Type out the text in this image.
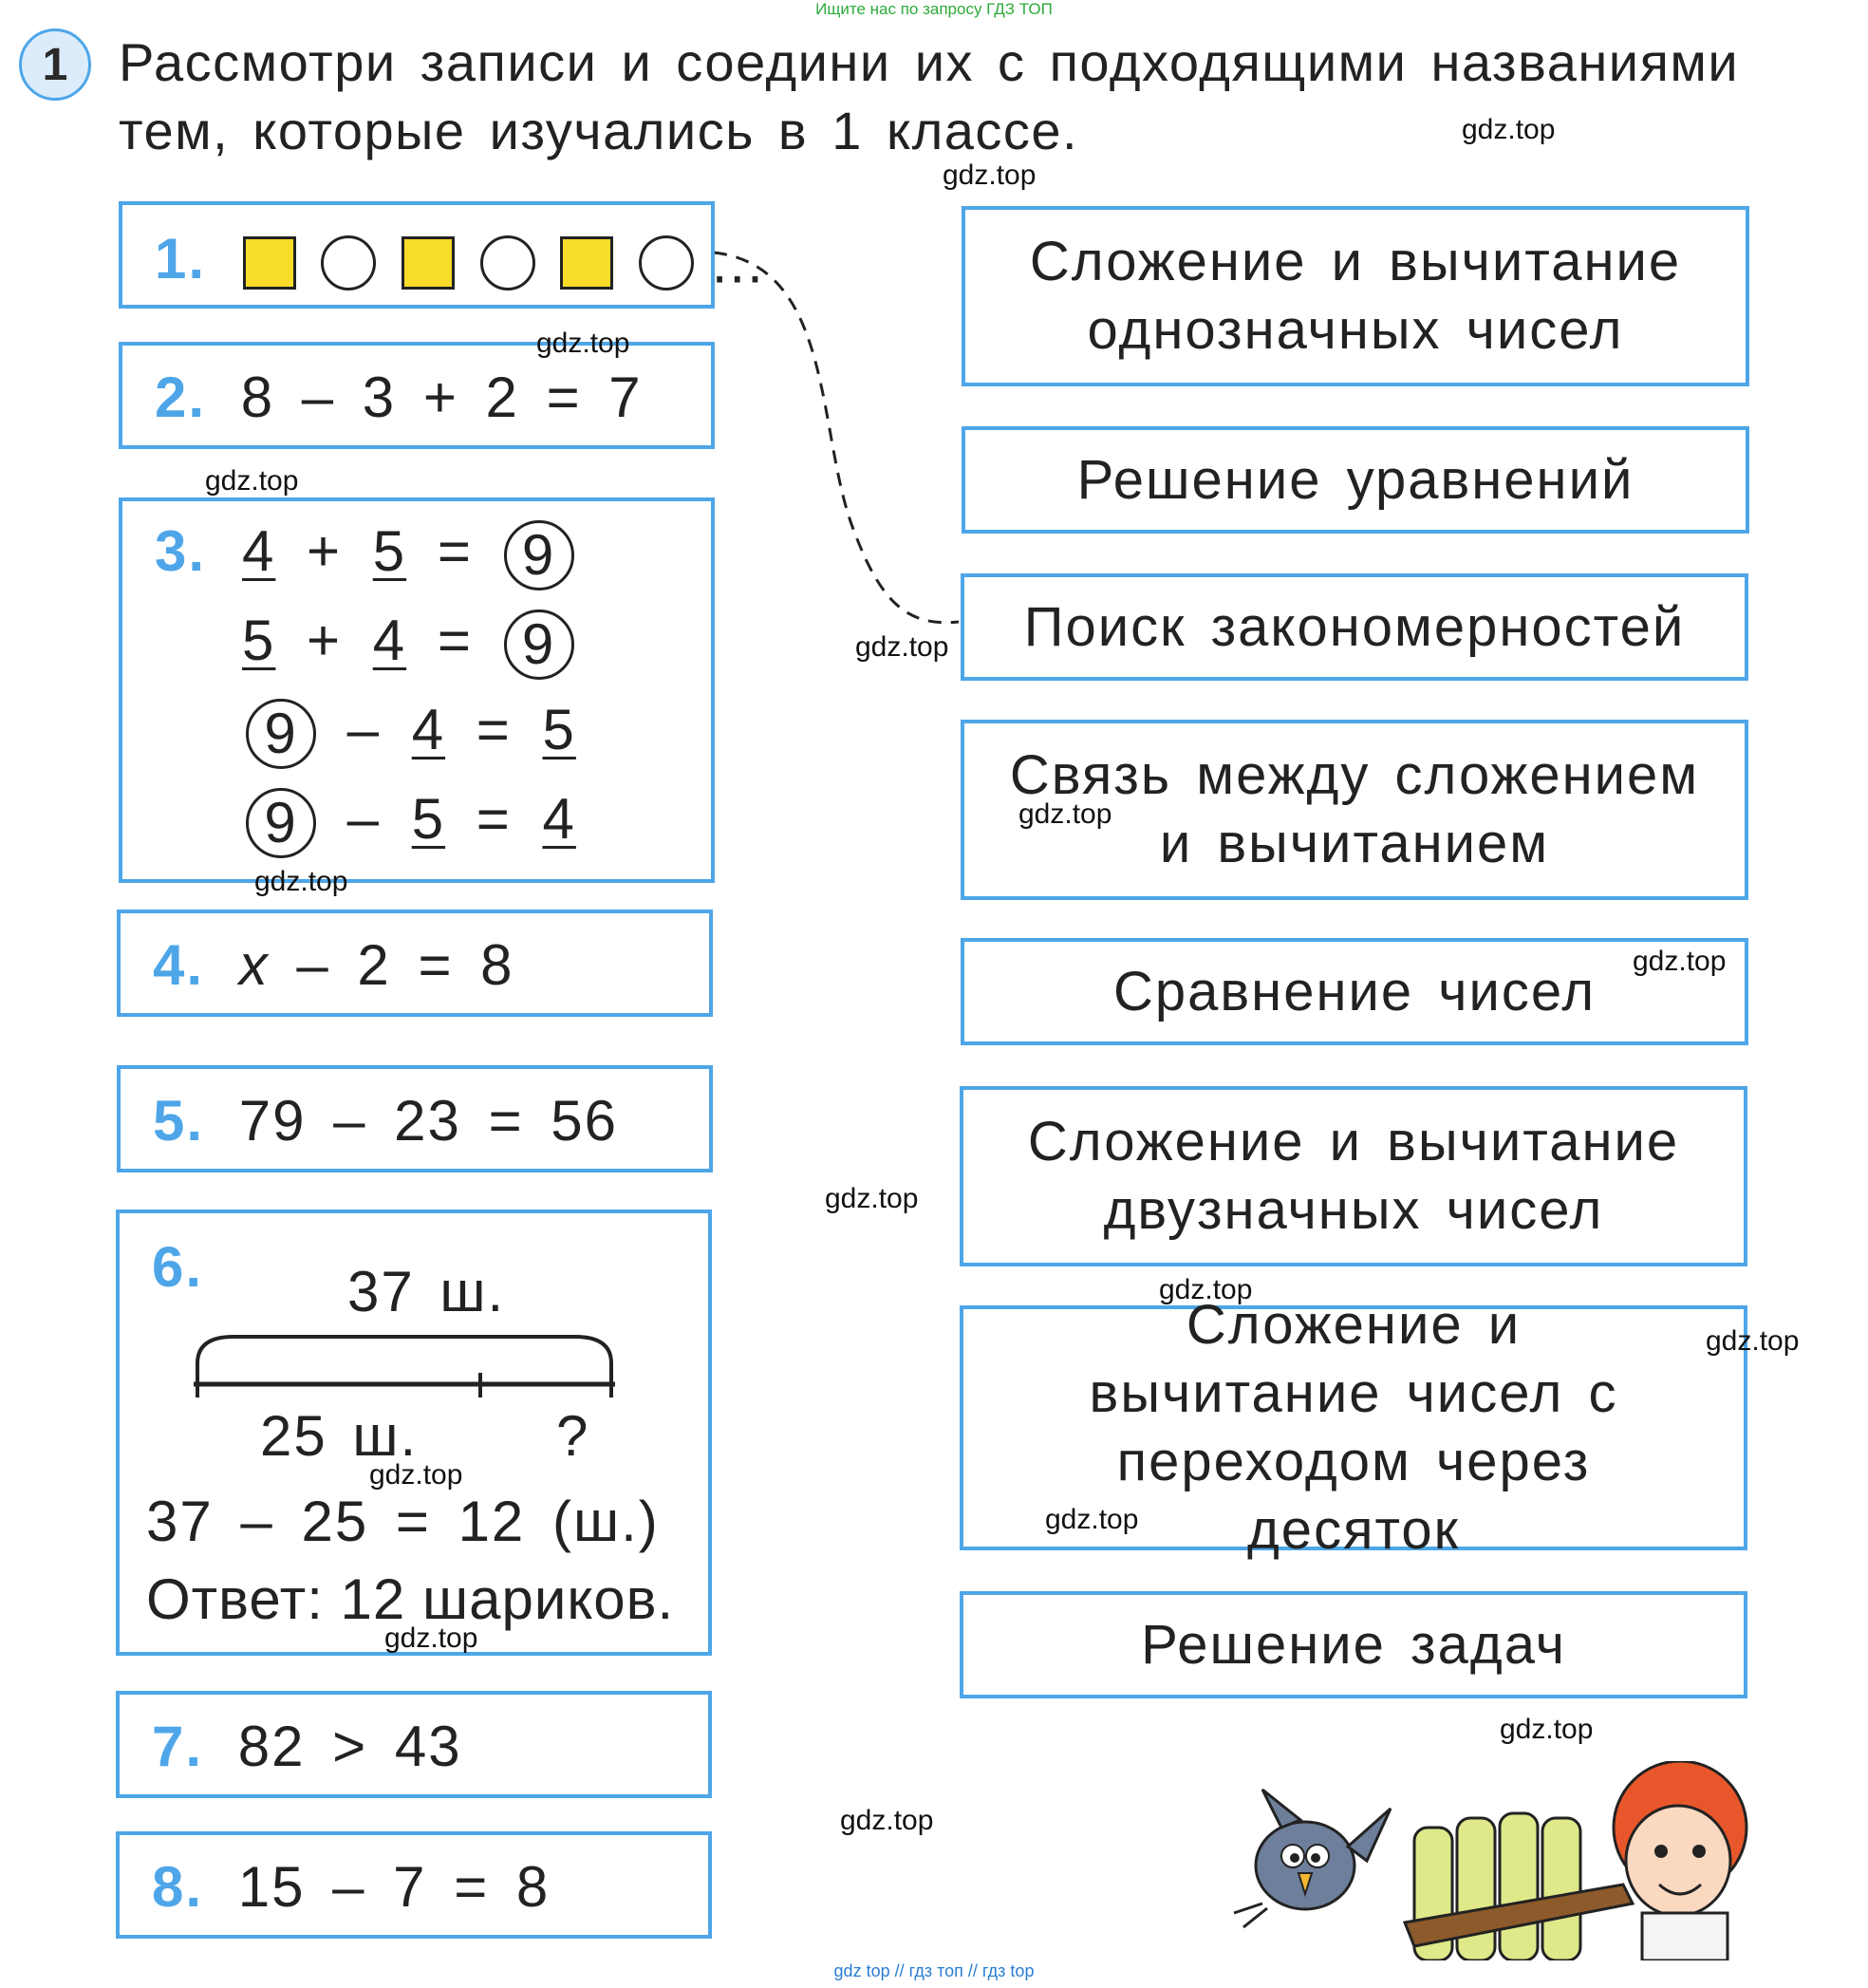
Ищите нас по запросу ГДЗ ТОП
1 Рассмотри записи и соедини их с подходящими названиями
тем, которые изучались в 1 классе.
1.	...
2. 8 – 3 + 2 = 7
3. 4 + 5 = 9
5 + 4 = 9
9 – 4 = 5
9 – 5 = 4
4. x – 2 = 8
5. 79 – 23 = 56
6.	37 ш.
25 ш. ?
37 – 25 = 12 (ш.)
Ответ: 12 шариков.
7. 82 > 43
8. 15 – 7 = 8
Сложение и вычитание однозначных чисел
Решение уравнений
Поиск закономерностей
Связь между сложением и вычитанием
Сравнение чисел
Сложение и вычитание двузначных чисел
Сложение и вычитание чисел с переходом через десяток
Решение задач
gdz.top
gdz.top
gdz.top
gdz.top
gdz.top
gdz.top
gdz.top
gdz.top
gdz.top
gdz.top
gdz.top
gdz.top
gdz.top
gdz.top
gdz.top
gdz.top
gdz top // гдз топ // гдз top
